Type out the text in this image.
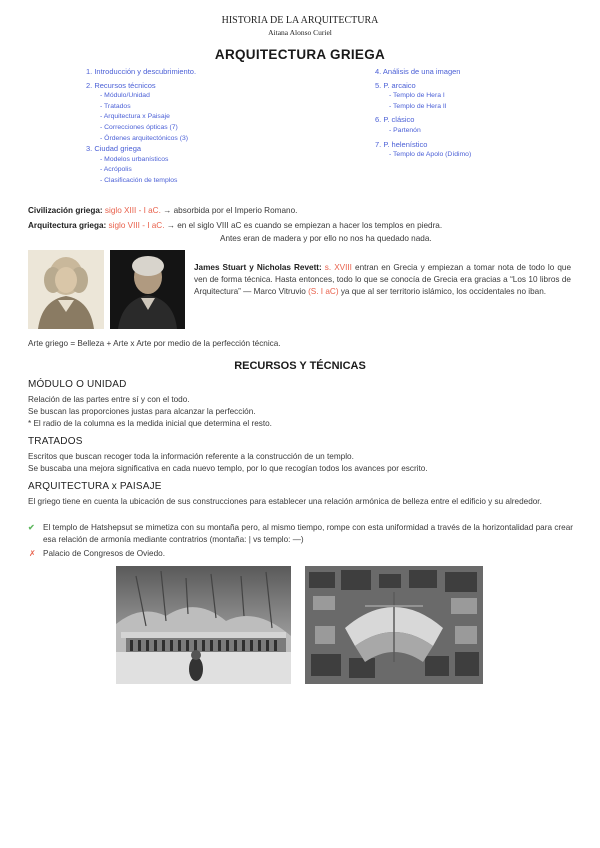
HISTORIA DE LA ARQUITECTURA
Aitana Alonso Curiel
ARQUITECTURA GRIEGA
1. Introducción y descubrimiento.
2. Recursos técnicos
- Módulo/Unidad
- Tratados
- Arquitectura x Paisaje
- Correcciones ópticas (7)
- Órdenes arquitectónicos (3)
3. Ciudad griega
- Modelos urbanísticos
- Acrópolis
- Clasificación de templos
4. Análisis de una imagen
5. P. arcaico
- Templo de Hera I
- Templo de Hera II
6. P. clásico
- Partenón
7. P. helenístico
- Templo de Apolo (Dídimo)
Civilización griega: siglo XIII - I aC. → absorbida por el Imperio Romano.
Arquitectura griega: siglo VIII - I aC. → en el siglo VIII aC es cuando se empiezan a hacer los templos en piedra.
Antes eran de madera y por ello no nos ha quedado nada.
James Stuart y Nicholas Revett: s. XVIII entran en Grecia y empiezan a tomar nota de todo lo que ven de forma técnica. Hasta entonces, todo lo que se conocía de Grecia era gracias a “Los 10 libros de Arquitectura” — Marco Vitruvio (S. I aC) ya que al ser territorio islámico, los occidentales no iban.
Arte griego = Belleza + Arte x Arte por medio de la perfección técnica.
RECURSOS Y TÉCNICAS
MÓDULO O UNIDAD
Relación de las partes entre sí y con el todo.
Se buscan las proporciones justas para alcanzar la perfección.
* El radio de la columna es la medida inicial que determina el resto.
TRATADOS
Escritos que buscan recoger toda la información referente a la construcción de un templo.
Se buscaba una mejora significativa en cada nuevo templo, por lo que recogían todos los avances por escrito.
ARQUITECTURA x PAISAJE
El griego tiene en cuenta la ubicación de sus construcciones para establecer una relación armónica de belleza entre el edificio y su alrededor.
✔ El templo de Hatshepsut se mimetiza con su montaña pero, al mismo tiempo, rompe con esta uniformidad a través de la horizontalidad para crear esa relación de armonía mediante contratrios (montaña: | vs templo: —)
✗ Palacio de Congresos de Oviedo.
